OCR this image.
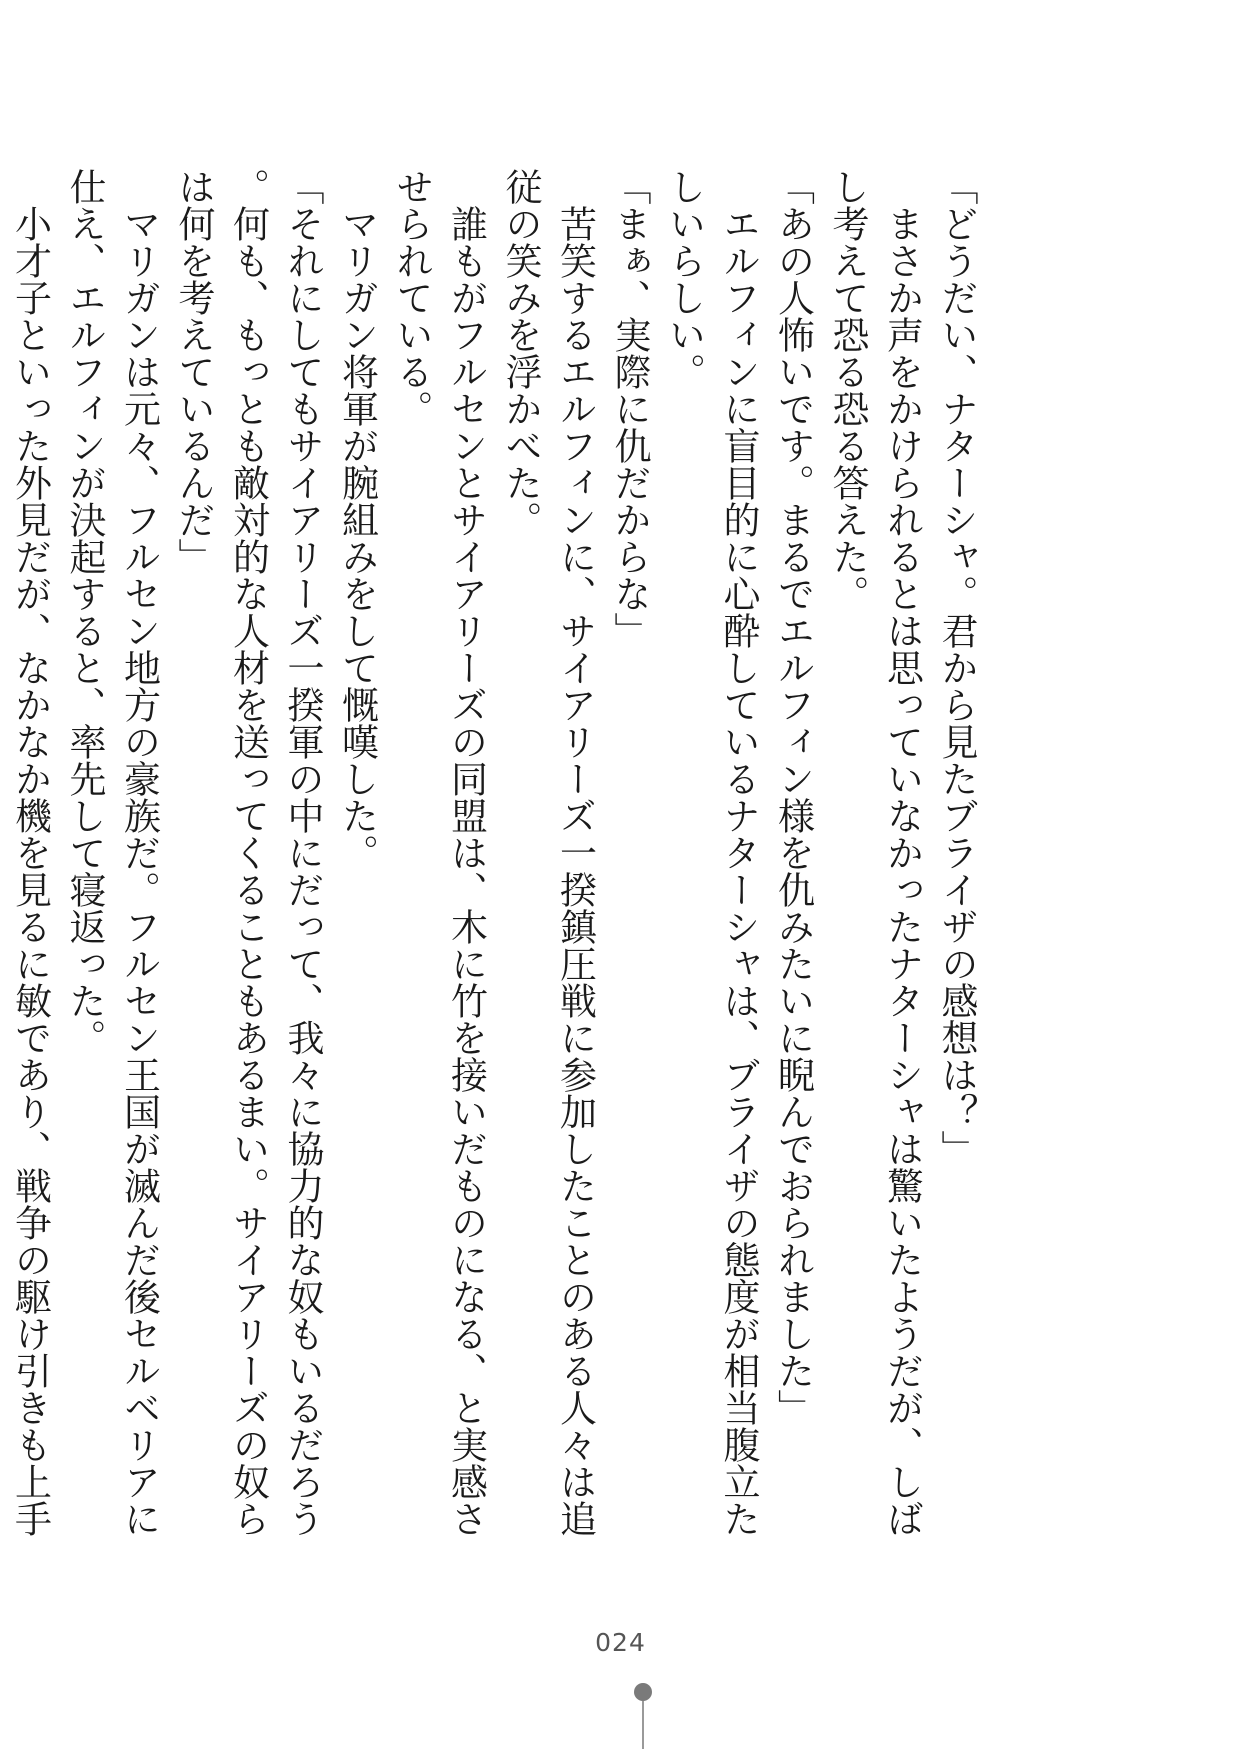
「どうだい、ナターシャ。君から見たブライザの感想は？」
まさか声をかけられるとは思っていなかったナターシャは驚いたようだが、しばし考えて恐る恐る答えた。
「あの人怖いです。まるでエルフィン様を仇みたいに睨んでおられました」
エルフィンに盲目的に心酔しているナターシャは、ブライザの態度が相当腹立たしいらしい。
「まぁ、実際に仇だからな」
苦笑するエルフィンに、サイアリーズ一揆鎮圧戦に参加したことのある人々は追従の笑みを浮かべた。
誰もがフルセンとサイアリーズの同盟は、木に竹を接いだものになる、と実感させられている。
マリガン将軍が腕組みをして慨嘆した。
「それにしてもサイアリーズ一揆軍の中にだって、我々に協力的な奴もいるだろう。何も、もっとも敵対的な人材を送ってくることもあるまい。サイアリーズの奴らは何を考えているんだ」
マリガンは元々、フルセン地方の豪族だ。フルセン王国が滅んだ後セルベリアに仕え、エルフィンが決起すると、率先して寝返った。
小才子といった外見だが、なかなか機を見るに敏であり、戦争の駆け引きも上手
024
